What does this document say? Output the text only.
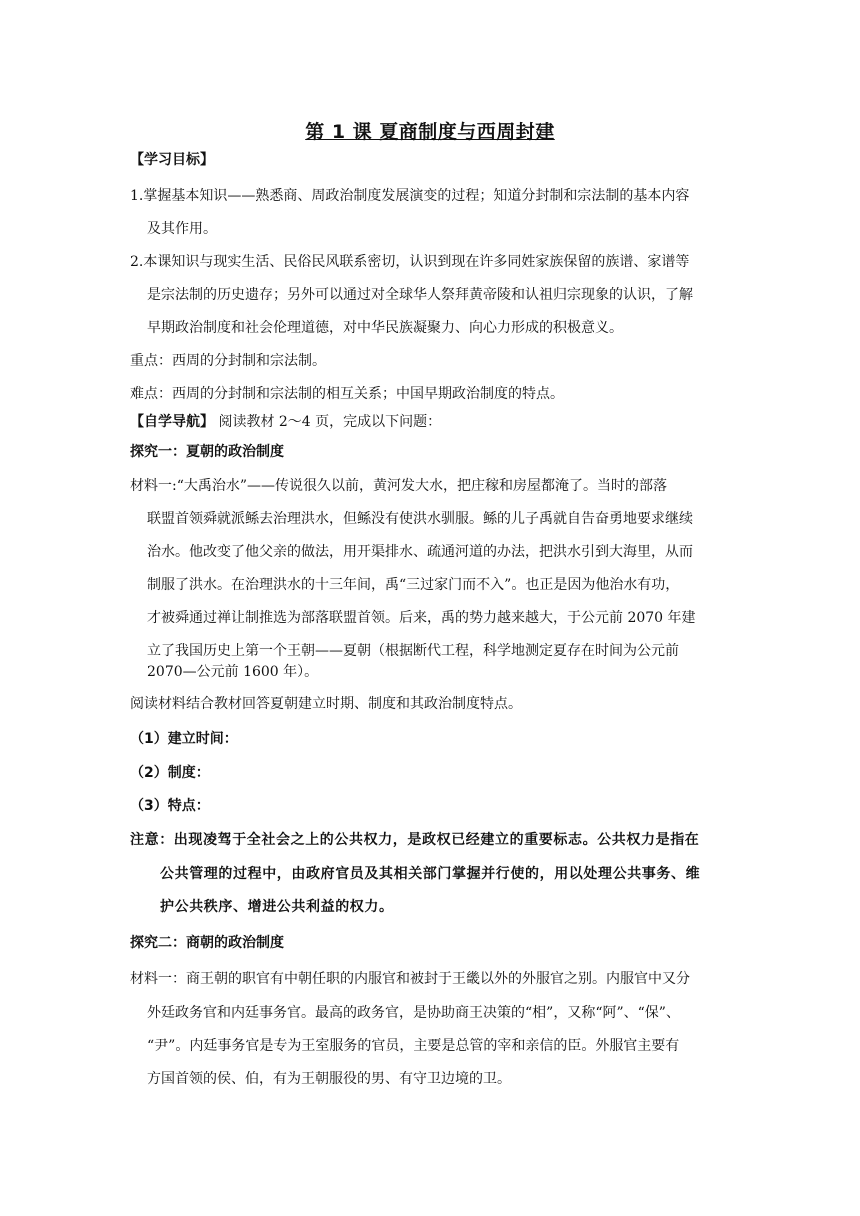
第 1 课 夏商制度与西周封建
【学习目标】
1.掌握基本知识——熟悉商、周政治制度发展演变的过程；知道分封制和宗法制的基本内容
及其作用。
2.本课知识与现实生活、民俗民风联系密切，认识到现在许多同姓家族保留的族谱、家谱等
是宗法制的历史遗存；另外可以通过对全球华人祭拜黄帝陵和认祖归宗现象的认识，了解
早期政治制度和社会伦理道德，对中华民族凝聚力、向心力形成的积极意义。
重点：西周的分封制和宗法制。
难点：西周的分封制和宗法制的相互关系；中国早期政治制度的特点。
【自学导航】 阅读教材 2～4 页，完成以下问题：
探究一：夏朝的政治制度
材料一:“大禹治水”——传说很久以前，黄河发大水，把庄稼和房屋都淹了。当时的部落
联盟首领舜就派鲧去治理洪水，但鲧没有使洪水驯服。鲧的儿子禹就自告奋勇地要求继续
治水。他改变了他父亲的做法，用开渠排水、疏通河道的办法，把洪水引到大海里，从而
制服了洪水。在治理洪水的十三年间，禹“三过家门而不入”。也正是因为他治水有功，
才被舜通过禅让制推选为部落联盟首领。后来，禹的势力越来越大，于公元前 2070 年建
立了我国历史上第一个王朝——夏朝（根据断代工程，科学地测定夏存在时间为公元前
2070—公元前 1600 年）。
阅读材料结合教材回答夏朝建立时期、制度和其政治制度特点。
（1）建立时间：
（2）制度：
（3）特点：
注意：出现凌驾于全社会之上的公共权力，是政权已经建立的重要标志。公共权力是指在
公共管理的过程中，由政府官员及其相关部门掌握并行使的，用以处理公共事务、维
护公共秩序、增进公共利益的权力。
探究二：商朝的政治制度
材料一：商王朝的职官有中朝任职的内服官和被封于王畿以外的外服官之别。内服官中又分
外廷政务官和内廷事务官。最高的政务官，是协助商王决策的“相”，又称“阿”、“保”、
“尹”。内廷事务官是专为王室服务的官员，主要是总管的宰和亲信的臣。外服官主要有
方国首领的侯、伯，有为王朝服役的男、有守卫边境的卫。
